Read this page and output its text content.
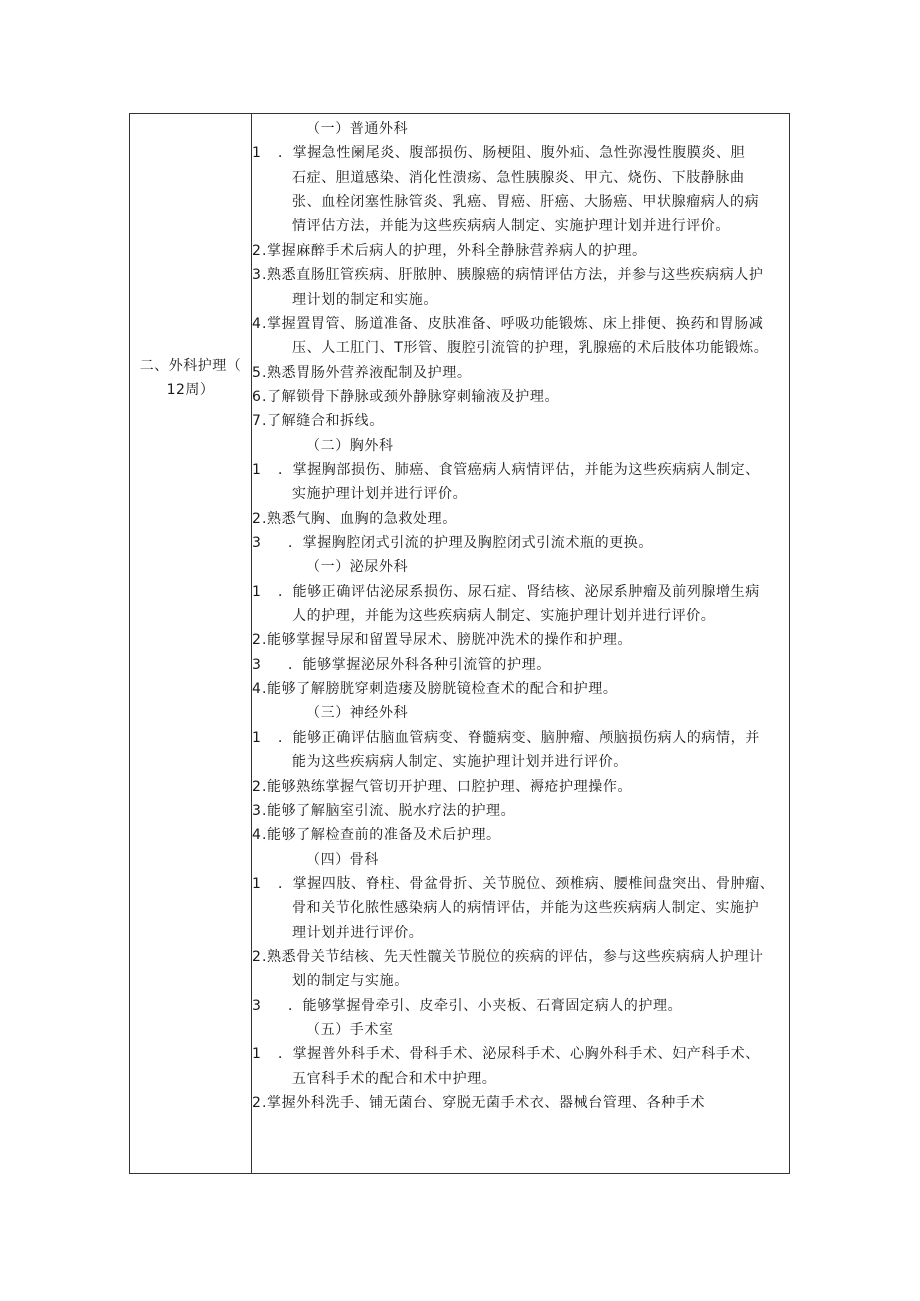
二、外科护理（
12周）
（一）普通外科
1 ．掌握急性阑尾炎、腹部损伤、肠梗阻、腹外疝、急性弥漫性腹膜炎、胆
石症、胆道感染、消化性溃疡、急性胰腺炎、甲亢、烧伤、下肢静脉曲
张、血栓闭塞性脉管炎、乳癌、胃癌、肝癌、大肠癌、甲状腺瘤病人的病
情评估方法，并能为这些疾病病人制定、实施护理计划并进行评价。
2 .掌握麻醉手术后病人的护理，外科全静脉营养病人的护理。
3 .熟悉直肠肛管疾病、肝脓肿、胰腺癌的病情评估方法，并参与这些疾病病人护
理计划的制定和实施。
4 .掌握置胃管、肠道准备、皮肤准备、呼吸功能锻炼、床上排便、换药和胃肠减
压、人工肛门、T形管、腹腔引流管的护理，乳腺癌的术后肢体功能锻炼。
5 .熟悉胃肠外营养液配制及护理。
6 .了解锁骨下静脉或颈外静脉穿刺输液及护理。
7 .了解缝合和拆线。
（二）胸外科
1 ．掌握胸部损伤、肺癌、食管癌病人病情评估，并能为这些疾病病人制定、
实施护理计划并进行评价。
2 .熟悉气胸、血胸的急救处理。
3 ．掌握胸腔闭式引流的护理及胸腔闭式引流术瓶的更换。
（一）泌尿外科
1 ．能够正确评估泌尿系损伤、尿石症、肾结核、泌尿系肿瘤及前列腺增生病
人的护理，并能为这些疾病病人制定、实施护理计划并进行评价。
2 .能够掌握导尿和留置导尿术、膀胱冲洗术的操作和护理。
3 ．能够掌握泌尿外科各种引流管的护理。
4 .能够了解膀胱穿刺造瘘及膀胱镜检查术的配合和护理。
（三）神经外科
1 ．能够正确评估脑血管病变、脊髓病变、脑肿瘤、颅脑损伤病人的病情，并
能为这些疾病病人制定、实施护理计划并进行评价。
2 .能够熟练掌握气管切开护理、口腔护理、褥疮护理操作。
3 .能够了解脑室引流、脱水疗法的护理。
4 .能够了解检查前的准备及术后护理。
（四）骨科
1 ．掌握四肢、脊柱、骨盆骨折、关节脱位、颈椎病、腰椎间盘突出、骨肿瘤、
骨和关节化脓性感染病人的病情评估，并能为这些疾病病人制定、实施护
理计划并进行评价。
2 .熟悉骨关节结核、先天性髋关节脱位的疾病的评估，参与这些疾病病人护理计
划的制定与实施。
3 ．能够掌握骨牵引、皮牵引、小夹板、石膏固定病人的护理。
（五）手术室
1 ．掌握普外科手术、骨科手术、泌尿科手术、心胸外科手术、妇产科手术、
五官科手术的配合和术中护理。
2 .掌握外科洗手、铺无菌台、穿脱无菌手术衣、器械台管理、各种手术
